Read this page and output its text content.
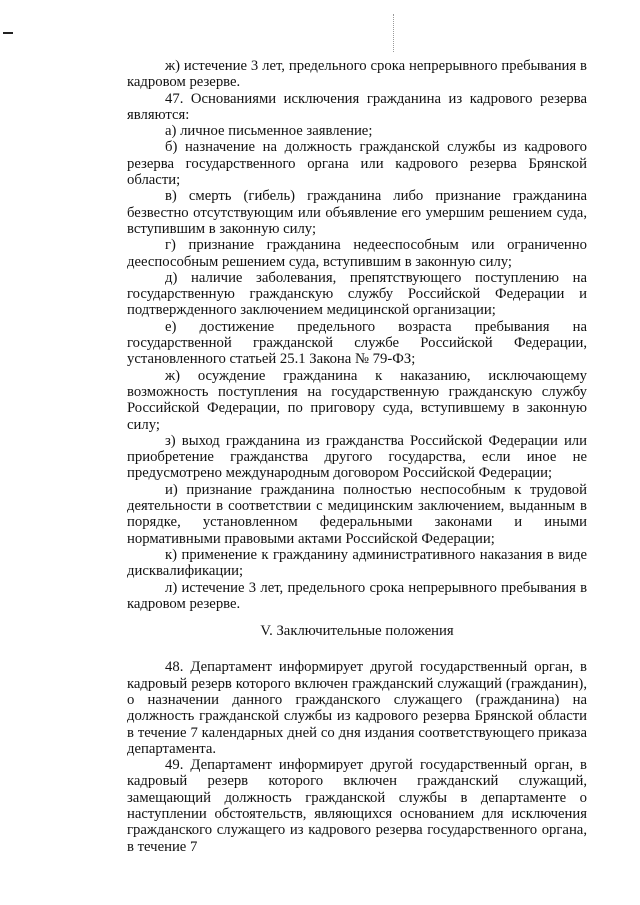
ж) истечение 3 лет, предельного срока непрерывного пребывания в кадровом резерве.

47. Основаниями исключения гражданина из кадрового резерва являются:

а) личное письменное заявление;

б) назначение на должность гражданской службы из кадрового резерва государственного органа или кадрового резерва Брянской области;

в) смерть (гибель) гражданина либо признание гражданина безвестно отсутствующим или объявление его умершим решением суда, вступившим в законную силу;

г) признание гражданина недееспособным или ограниченно дееспособным решением суда, вступившим в законную силу;

д) наличие заболевания, препятствующего поступлению на государственную гражданскую службу Российской Федерации и подтвержденного заключением медицинской организации;

е) достижение предельного возраста пребывания на государственной гражданской службе Российской Федерации, установленного статьей 25.1 Закона № 79-ФЗ;

ж) осуждение гражданина к наказанию, исключающему возможность поступления на государственную гражданскую службу Российской Федерации, по приговору суда, вступившему в законную силу;

з) выход гражданина из гражданства Российской Федерации или приобретение гражданства другого государства, если иное не предусмотрено международным договором Российской Федерации;

и) признание гражданина полностью неспособным к трудовой деятельности в соответствии с медицинским заключением, выданным в порядке, установленном федеральными законами и иными нормативными правовыми актами Российской Федерации;

к) применение к гражданину административного наказания в виде дисквалификации;

л) истечение 3 лет, предельного срока непрерывного пребывания в кадровом резерве.

V. Заключительные положения

48. Департамент информирует другой государственный орган, в кадровый резерв которого включен гражданский служащий (гражданин), о назначении данного гражданского служащего (гражданина) на должность гражданской службы из кадрового резерва Брянской области в течение 7 календарных дней со дня издания соответствующего приказа департамента.

49. Департамент информирует другой государственный орган, в кадровый резерв которого включен гражданский служащий, замещающий должность гражданской службы в департаменте о наступлении обстоятельств, являющихся основанием для исключения гражданского служащего из кадрового резерва государственного органа, в течение 7
